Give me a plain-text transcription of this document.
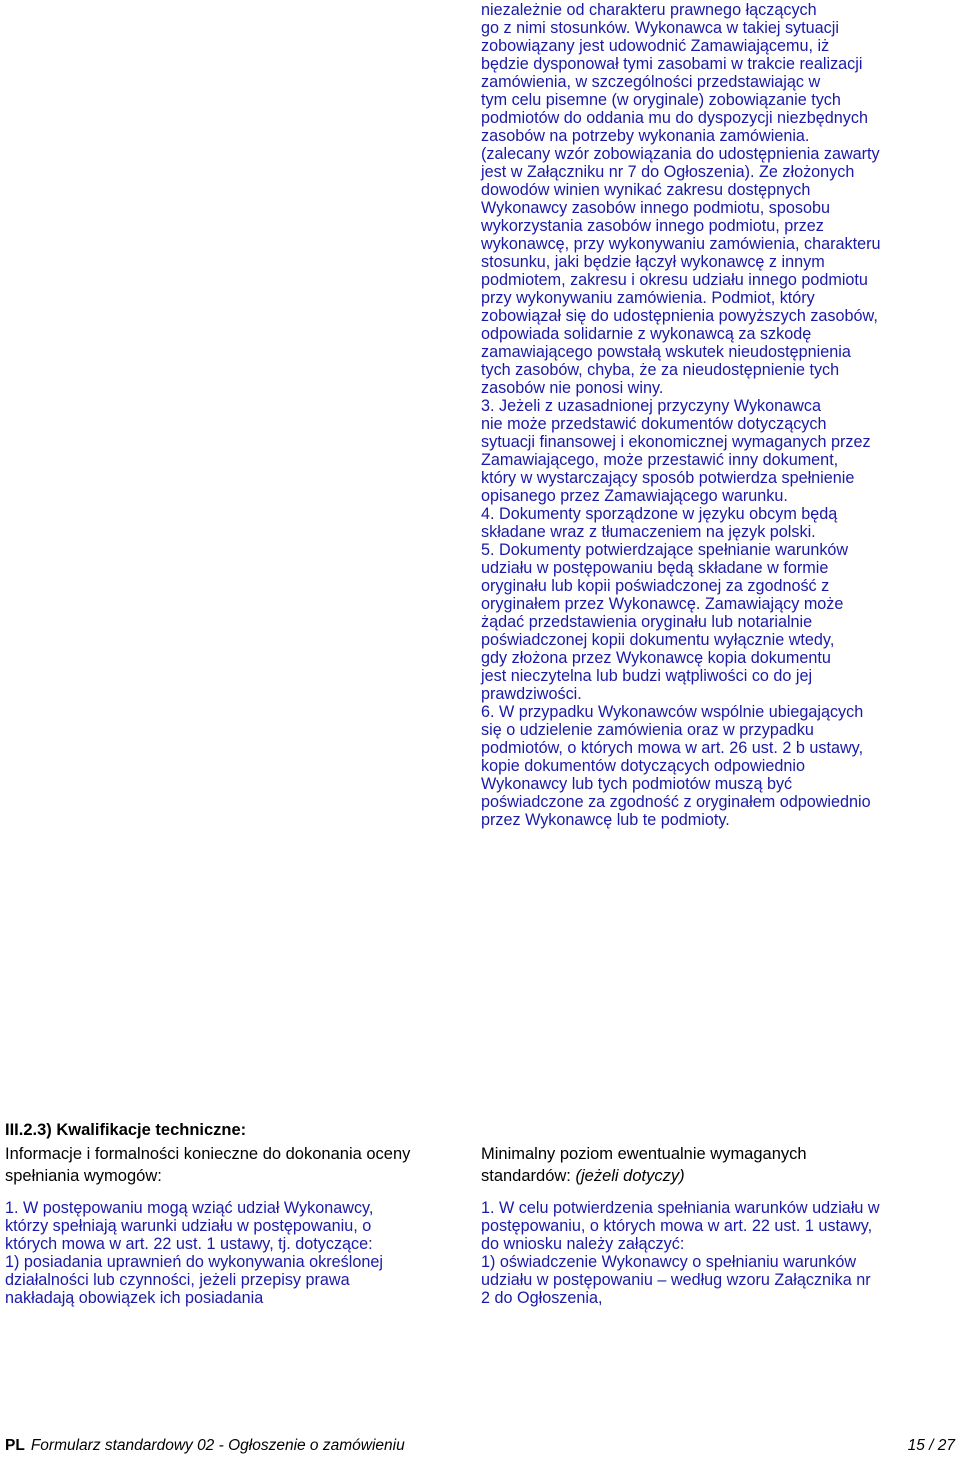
niezależnie od charakteru prawnego łączących
go z nimi stosunków. Wykonawca w takiej sytuacji
zobowiązany jest udowodnić Zamawiającemu, iż
będzie dysponował tymi zasobami w trakcie realizacji
zamówienia, w szczególności przedstawiając w
tym celu pisemne (w oryginale) zobowiązanie tych
podmiotów do oddania mu do dyspozycji niezbędnych
zasobów na potrzeby wykonania zamówienia.
(zalecany wzór zobowiązania do udostępnienia zawarty
jest w Załączniku nr 7 do Ogłoszenia). Ze złożonych
dowodów winien wynikać zakresu dostępnych
Wykonawcy zasobów innego podmiotu, sposobu
wykorzystania zasobów innego podmiotu, przez
wykonawcę, przy wykonywaniu zamówienia, charakteru
stosunku, jaki będzie łączył wykonawcę z innym
podmiotem, zakresu i okresu udziału innego podmiotu
przy wykonywaniu zamówienia. Podmiot, który
zobowiązał się do udostępnienia powyższych zasobów,
odpowiada solidarnie z wykonawcą za szkodę
zamawiającego powstałą wskutek nieudostępnienia
tych zasobów, chyba, że za nieudostępnienie tych
zasobów nie ponosi winy.
3. Jeżeli z uzasadnionej przyczyny Wykonawca
nie może przedstawić dokumentów dotyczących
sytuacji finansowej i ekonomicznej wymaganych przez
Zamawiającego, może przestawić inny dokument,
który w wystarczający sposób potwierdza spełnienie
opisanego przez Zamawiającego warunku.
4. Dokumenty sporządzone w języku obcym będą
składane wraz z tłumaczeniem na język polski.
5. Dokumenty potwierdzające spełnianie warunków
udziału w postępowaniu będą składane w formie
oryginału lub kopii poświadczonej za zgodność z
oryginałem przez Wykonawcę. Zamawiający może
żądać przedstawienia oryginału lub notarialnie
poświadczonej kopii dokumentu wyłącznie wtedy,
gdy złożona przez Wykonawcę kopia dokumentu
jest nieczytelna lub budzi wątpliwości co do jej
prawdziwości.
6. W przypadku Wykonawców wspólnie ubiegających
się o udzielenie zamówienia oraz w przypadku
podmiotów, o których mowa w art. 26 ust. 2 b ustawy,
kopie dokumentów dotyczących odpowiednio
Wykonawcy lub tych podmiotów muszą być
poświadczone za zgodność z oryginałem odpowiednio
przez Wykonawcę lub te podmioty.
III.2.3) Kwalifikacje techniczne:
Informacje i formalności konieczne do dokonania oceny
spełniania wymogów:
Minimalny poziom ewentualnie wymaganych
standardów: (jeżeli dotyczy)
1. W postępowaniu mogą wziąć udział Wykonawcy,
którzy spełniają warunki udziału w postępowaniu, o
których mowa w art. 22 ust. 1 ustawy, tj. dotyczące:
1) posiadania uprawnień do wykonywania określonej
działalności lub czynności, jeżeli przepisy prawa
nakładają obowiązek ich posiadania
1. W celu potwierdzenia spełniania warunków udziału w
postępowaniu, o których mowa w art. 22 ust. 1 ustawy,
do wniosku należy załączyć:
1) oświadczenie Wykonawcy o spełnianiu warunków
udziału w postępowaniu – według wzoru Załącznika nr
2 do Ogłoszenia,
PL Formularz standardowy 02 - Ogłoszenie o zamówieniu	15 / 27
